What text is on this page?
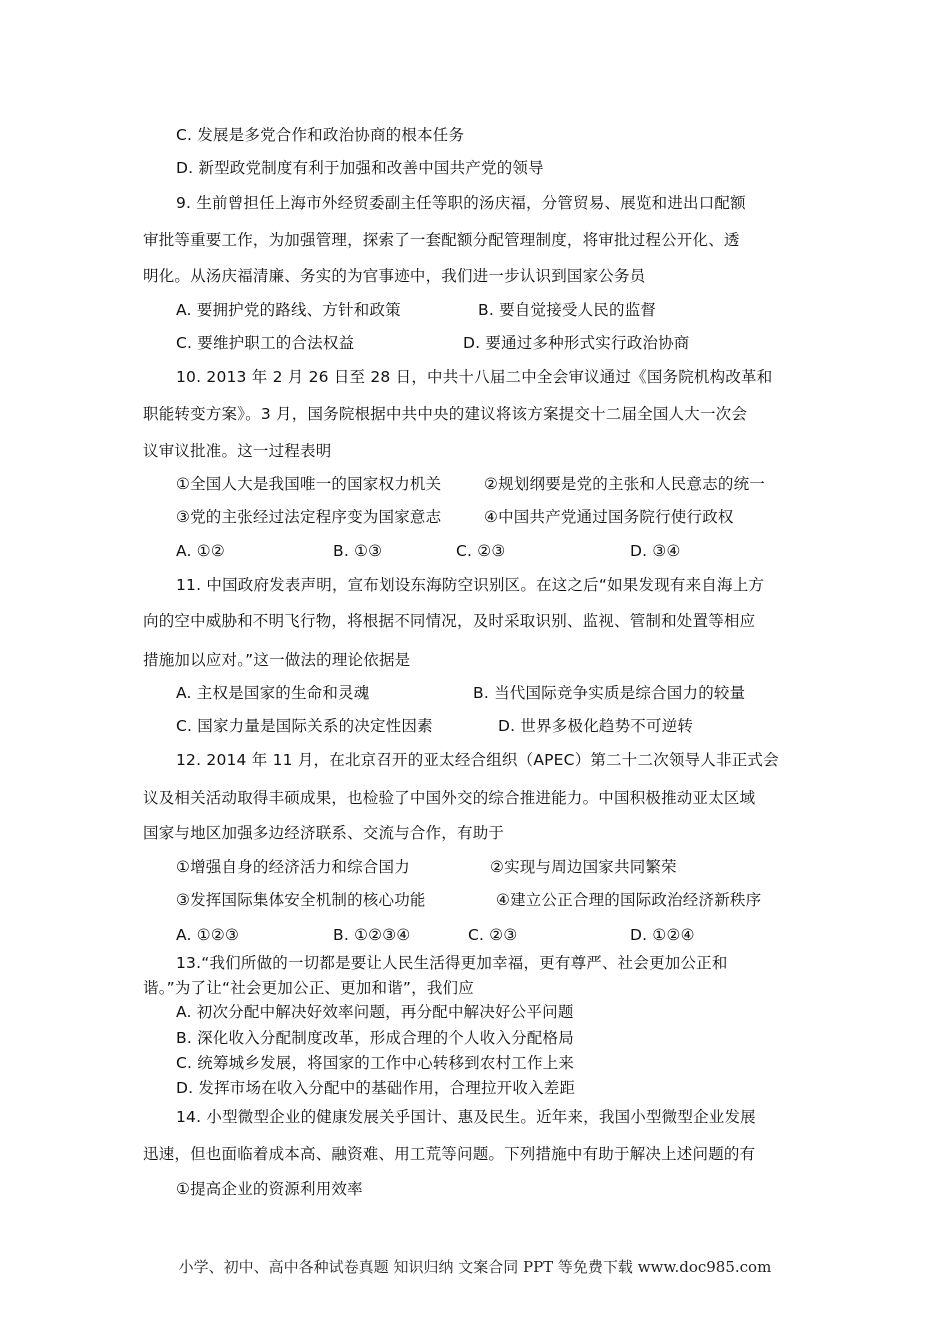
C. 发展是多党合作和政治协商的根本任务
D. 新型政党制度有利于加强和改善中国共产党的领导
9. 生前曾担任上海市外经贸委副主任等职的汤庆福，分管贸易、展览和进出口配额
审批等重要工作，为加强管理，探索了一套配额分配管理制度，将审批过程公开化、透
明化。从汤庆福清廉、务实的为官事迹中，我们进一步认识到国家公务员
A. 要拥护党的路线、方针和政策	B. 要自觉接受人民的监督
C. 要维护职工的合法权益	D. 要通过多种形式实行政治协商
10. 2013 年 2 月 26 日至 28 日，中共十八届二中全会审议通过《国务院机构改革和
职能转变方案》。3 月，国务院根据中共中央的建议将该方案提交十二届全国人大一次会
议审议批准。这一过程表明
①全国人大是我国唯一的国家权力机关	②规划纲要是党的主张和人民意志的统一
③党的主张经过法定程序变为国家意志	④中国共产党通过国务院行使行政权
A. ①②	B. ①③	C. ②③	D. ③④
11. 中国政府发表声明，宣布划设东海防空识别区。在这之后“如果发现有来自海上方
向的空中威胁和不明飞行物，将根据不同情况，及时采取识别、监视、管制和处置等相应
措施加以应对。”这一做法的理论依据是
A. 主权是国家的生命和灵魂	B. 当代国际竞争实质是综合国力的较量
C. 国家力量是国际关系的决定性因素	D. 世界多极化趋势不可逆转
12. 2014 年 11 月，在北京召开的亚太经合组织（APEC）第二十二次领导人非正式会
议及相关活动取得丰硕成果，也检验了中国外交的综合推进能力。中国积极推动亚太区域
国家与地区加强多边经济联系、交流与合作，有助于
①增强自身的经济活力和综合国力	②实现与周边国家共同繁荣
③发挥国际集体安全机制的核心功能	④建立公正合理的国际政治经济新秩序
A. ①②③	B. ①②③④	C. ②③	D. ①②④
13.“我们所做的一切都是要让人民生活得更加幸福，更有尊严、社会更加公正和
谐。”为了让“社会更加公正、更加和谐”，我们应
A. 初次分配中解决好效率问题，再分配中解决好公平问题
B. 深化收入分配制度改革，形成合理的个人收入分配格局
C. 统筹城乡发展，将国家的工作中心转移到农村工作上来
D. 发挥市场在收入分配中的基础作用，合理拉开收入差距
14. 小型微型企业的健康发展关乎国计、惠及民生。近年来，我国小型微型企业发展
迅速，但也面临着成本高、融资难、用工荒等问题。下列措施中有助于解决上述问题的有
①提高企业的资源利用效率
小学、初中、高中各种试卷真题 知识归纳 文案合同 PPT 等免费下载 www.doc985.com
